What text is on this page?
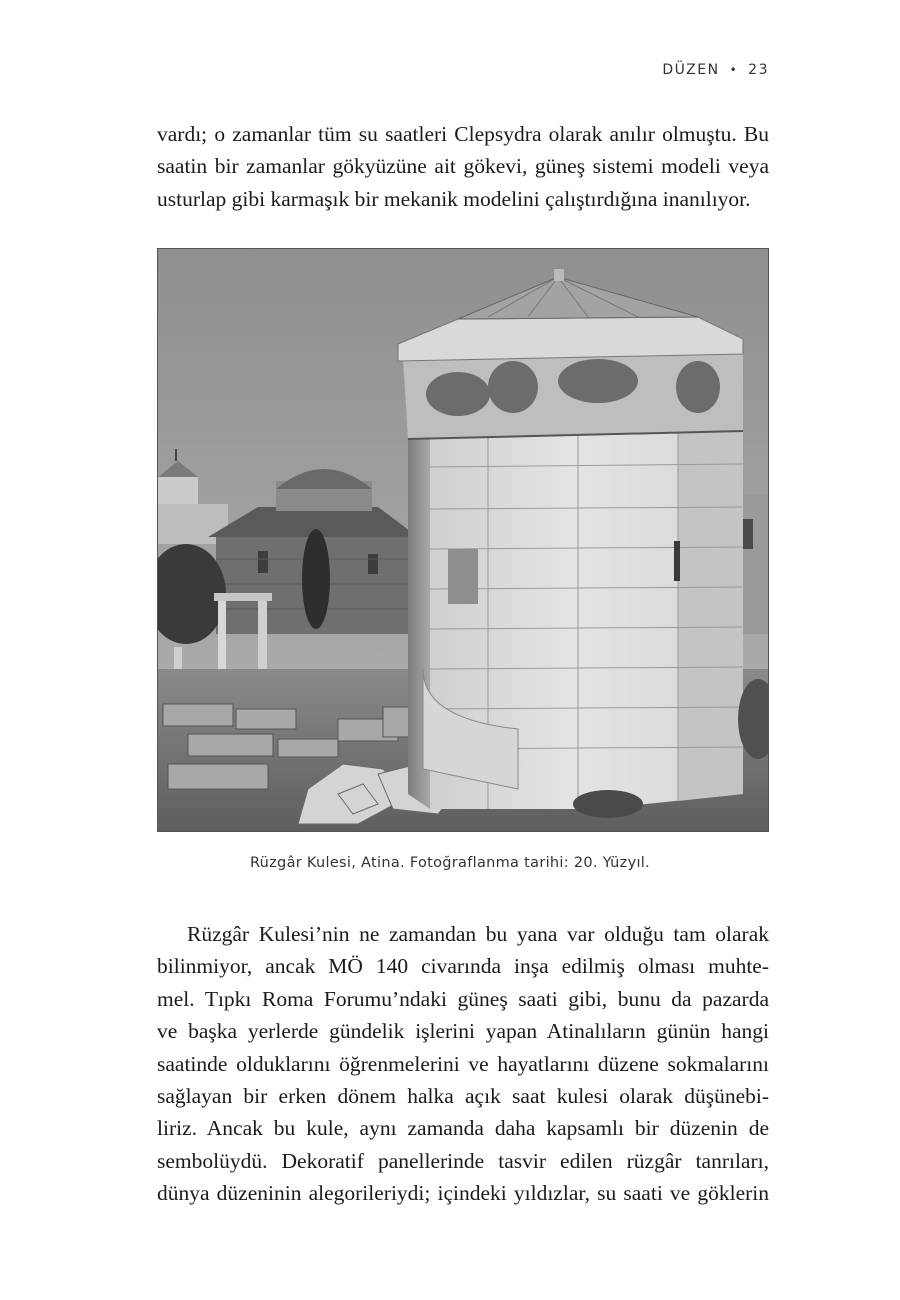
DÜZEN • 23

vardı; o zamanlar tüm su saatleri Clepsydra olarak anılır olmuştu. Bu
saatin bir zamanlar gökyüzüne ait gökevi, güneş sistemi modeli veya
usturlap gibi karmaşık bir mekanik modelini çalıştırdığına inanılıyor.

Rüzgâr Kulesi, Atina. Fotoğraflanma tarihi: 20. Yüzyıl.

Rüzgâr Kulesi’nin ne zamandan bu yana var olduğu tam olarak
bilinmiyor, ancak MÖ 140 civarında inşa edilmiş olması muhte-
mel. Tıpkı Roma Forumu’ndaki güneş saati gibi, bunu da pazarda
ve başka yerlerde gündelik işlerini yapan Atinalıların günün hangi
saatinde olduklarını öğrenmelerini ve hayatlarını düzene sokmalarını
sağlayan bir erken dönem halka açık saat kulesi olarak düşünebi-
liriz. Ancak bu kule, aynı zamanda daha kapsamlı bir düzenin de
sembolüydü. Dekoratif panellerinde tasvir edilen rüzgâr tanrıları,
dünya düzeninin alegorileriydi; içindeki yıldızlar, su saati ve göklerin
